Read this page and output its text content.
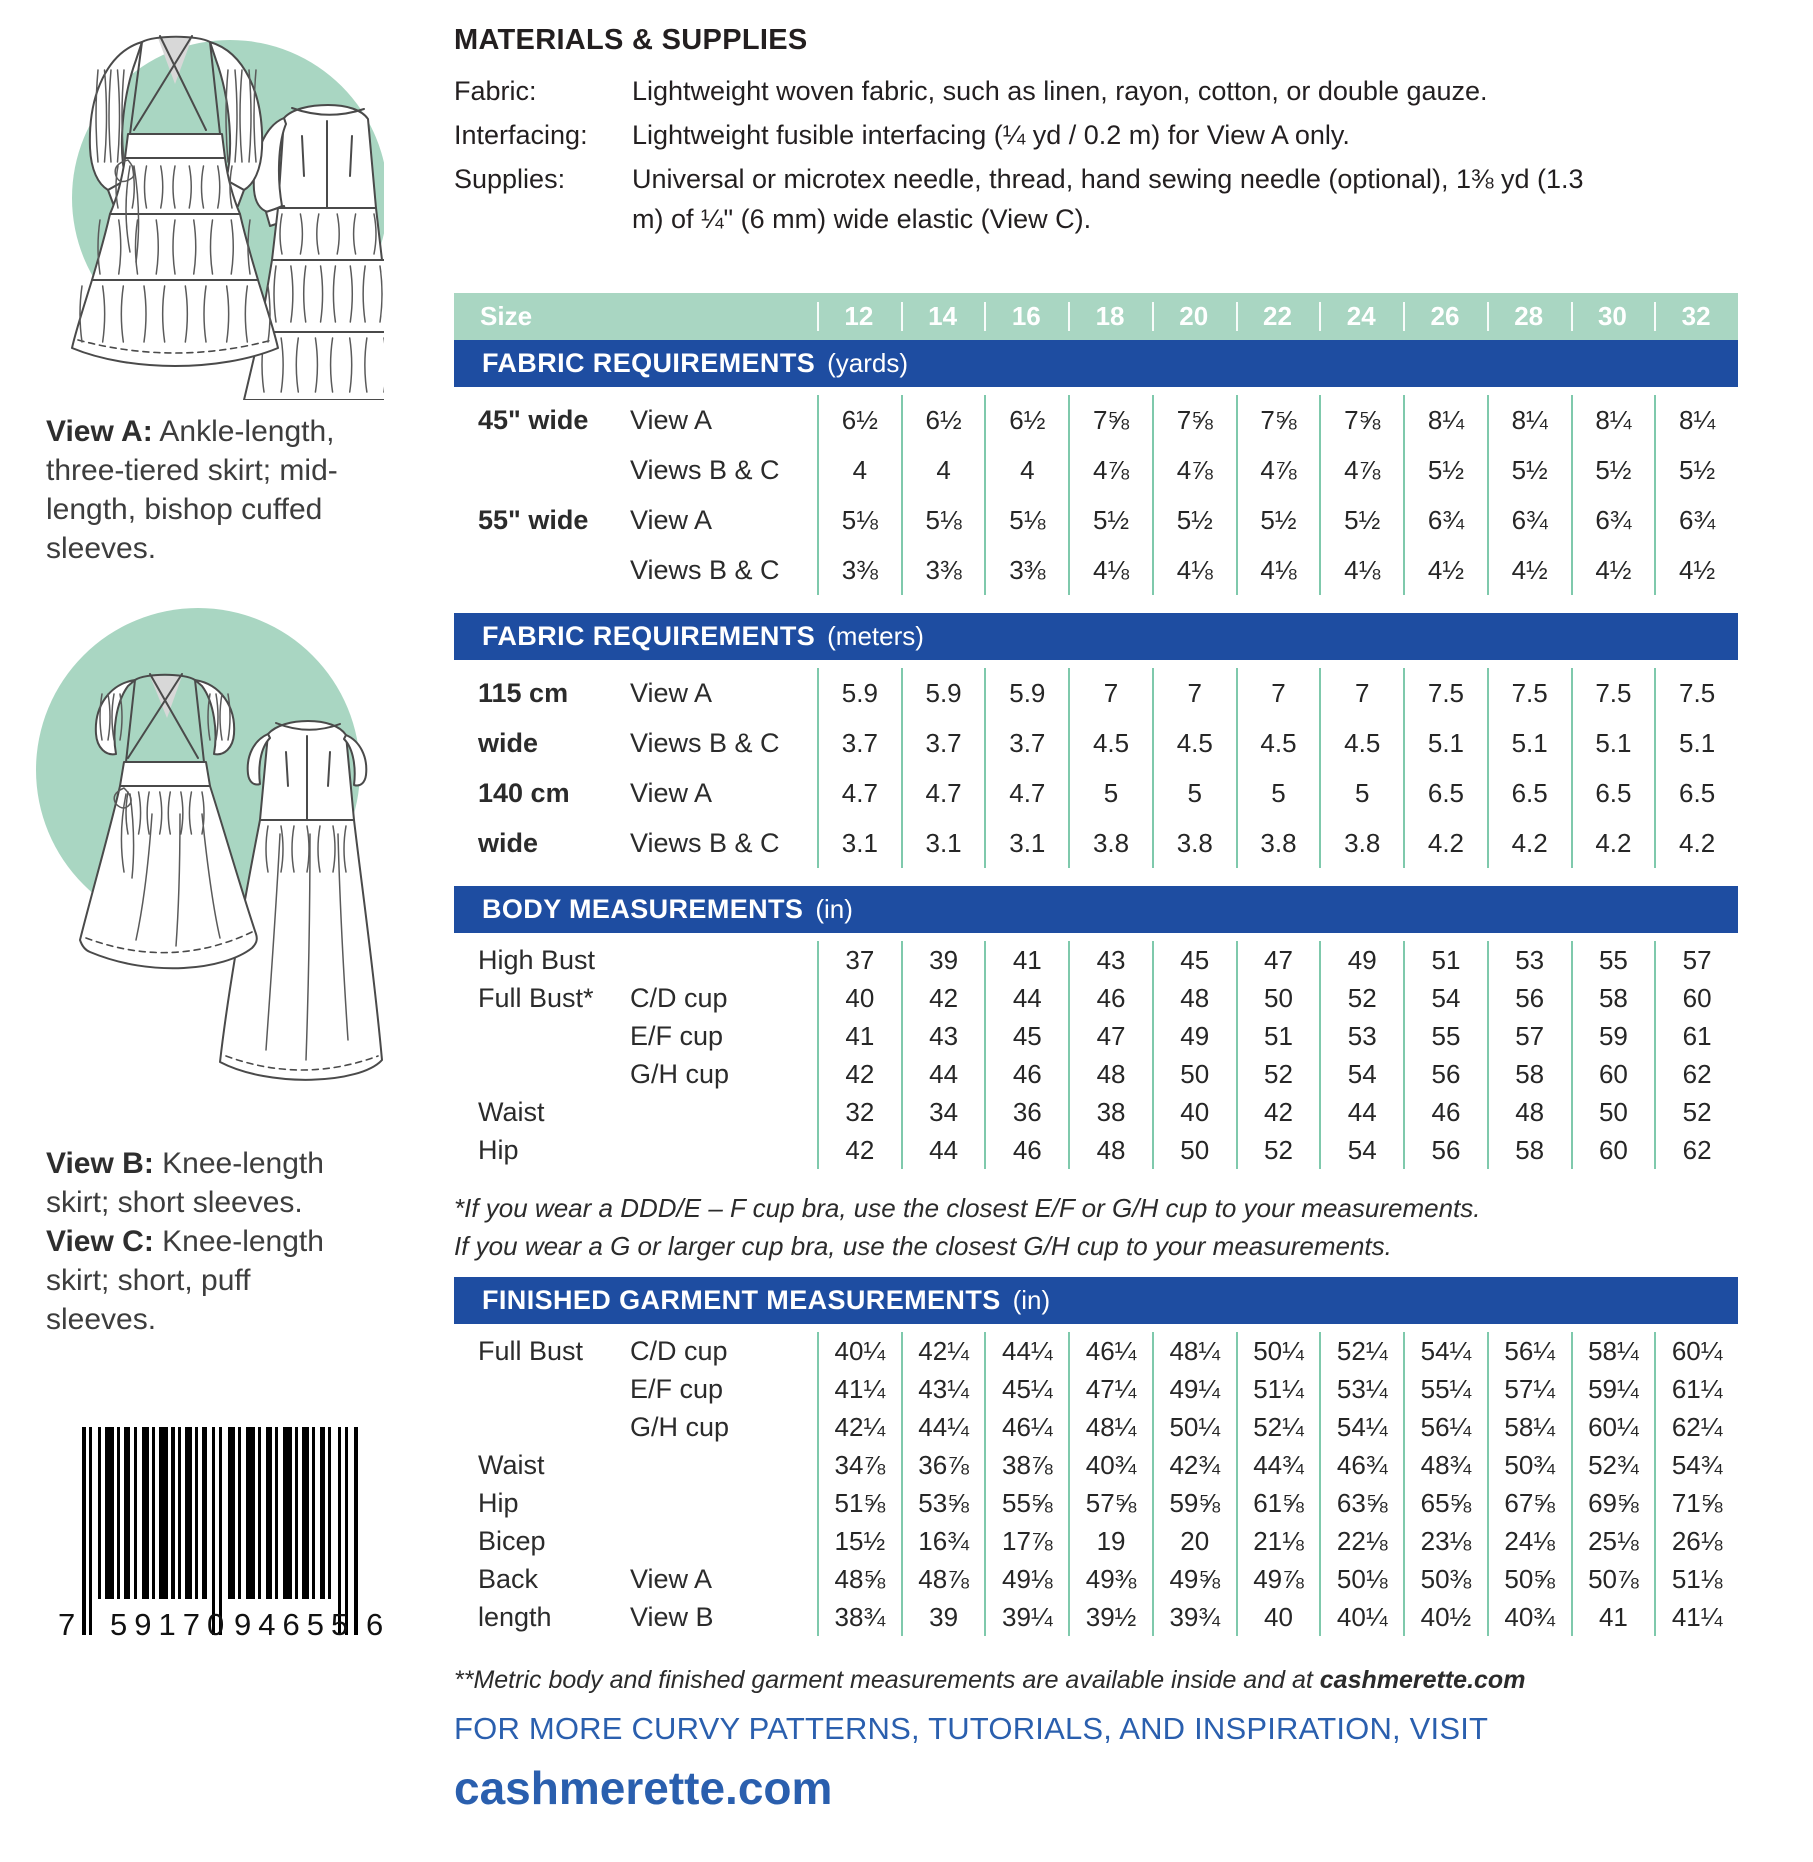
View A: Ankle-length, three-tiered skirt; mid-length, bishop cuffed sleeves.

View B: Knee-length skirt; short sleeves. View C: Knee-length skirt; short, puff sleeves.

7 59170 94655 6
MATERIALS & SUPPLIES
Fabric:	Lightweight woven fabric, such as linen, rayon, cotton, or double gauze.
Interfacing:	Lightweight fusible interfacing (¼ yd / 0.2 m) for View A only.
Supplies:	Universal or microtex needle, thread, hand sewing needle (optional), 1⅜ yd (1.3 m) of ¼" (6 mm) wide elastic (View C).
Size	12	14	16	18	20	22	24	26	28	30	32
FABRIC REQUIREMENTS (yards)
45" wide	View A	6½	6½	6½	7⅝	7⅝	7⅝	7⅝	8¼	8¼	8¼	8¼
Views B & C	4	4	4	4⅞	4⅞	4⅞	4⅞	5½	5½	5½	5½
55" wide	View A	5⅛	5⅛	5⅛	5½	5½	5½	5½	6¾	6¾	6¾	6¾
Views B & C	3⅜	3⅜	3⅜	4⅛	4⅛	4⅛	4⅛	4½	4½	4½	4½
FABRIC REQUIREMENTS (meters)
115 cm	View A	5.9	5.9	5.9	7	7	7	7	7.5	7.5	7.5	7.5
wide	Views B & C	3.7	3.7	3.7	4.5	4.5	4.5	4.5	5.1	5.1	5.1	5.1
140 cm	View A	4.7	4.7	4.7	5	5	5	5	6.5	6.5	6.5	6.5
wide	Views B & C	3.1	3.1	3.1	3.8	3.8	3.8	3.8	4.2	4.2	4.2	4.2
BODY MEASUREMENTS (in)
High Bust	37	39	41	43	45	47	49	51	53	55	57
Full Bust*	C/D cup	40	42	44	46	48	50	52	54	56	58	60
E/F cup	41	43	45	47	49	51	53	55	57	59	61
G/H cup	42	44	46	48	50	52	54	56	58	60	62
Waist	32	34	36	38	40	42	44	46	48	50	52
Hip	42	44	46	48	50	52	54	56	58	60	62
*If you wear a DDD/E – F cup bra, use the closest E/F or G/H cup to your measurements.
If you wear a G or larger cup bra, use the closest G/H cup to your measurements.
FINISHED GARMENT MEASUREMENTS (in)
Full Bust	C/D cup	40¼	42¼	44¼	46¼	48¼	50¼	52¼	54¼	56¼	58¼	60¼
E/F cup	41¼	43¼	45¼	47¼	49¼	51¼	53¼	55¼	57¼	59¼	61¼
G/H cup	42¼	44¼	46¼	48¼	50¼	52¼	54¼	56¼	58¼	60¼	62¼
Waist	34⅞	36⅞	38⅞	40¾	42¾	44¾	46¾	48¾	50¾	52¾	54¾
Hip	51⅝	53⅝	55⅝	57⅝	59⅝	61⅝	63⅝	65⅝	67⅝	69⅝	71⅝
Bicep	15½	16¾	17⅞	19	20	21⅛	22⅛	23⅛	24⅛	25⅛	26⅛
Back	View A	48⅝	48⅞	49⅛	49⅜	49⅝	49⅞	50⅛	50⅜	50⅝	50⅞	51⅛
length	View B	38¾	39	39¼	39½	39¾	40	40¼	40½	40¾	41	41¼

**Metric body and finished garment measurements are available inside and at cashmerette.com

FOR MORE CURVY PATTERNS, TUTORIALS, AND INSPIRATION, VISIT

cashmerette.com
